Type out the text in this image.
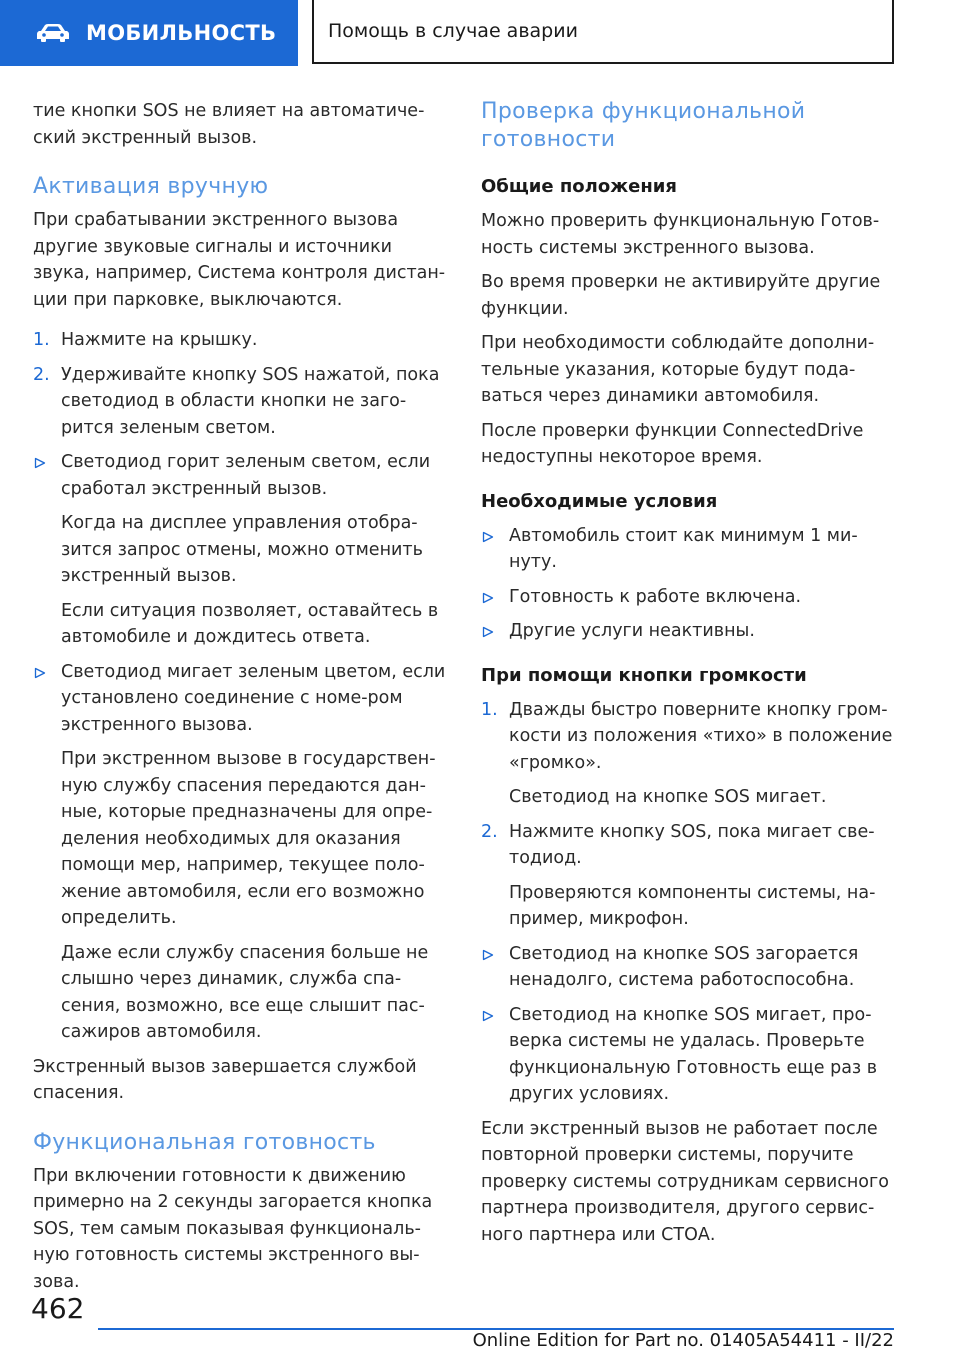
МОБИЛЬНОСТЬ	Помощь в случае аварии

тие кнопки SOS не влияет на автоматиче-ский экстренный вызов.

Активация вручную

При срабатывании экстренного вызова другие звуковые сигналы и источники звука, например, Система контроля дистан-ции при парковке, выключаются.

1. Нажмите на крышку.
2. Удерживайте кнопку SOS нажатой, пока светодиод в области кнопки не заго-рится зеленым светом.
Светодиод горит зеленым светом, если сработал экстренный вызов.

Когда на дисплее управления отобра-зится запрос отмены, можно отменить экстренный вызов.

Если ситуация позволяет, оставайтесь в автомобиле и дождитесь ответа.

Светодиод мигает зеленым цветом, если установлено соединение с номе-ром экстренного вызова.

При экстренном вызове в государствен-ную службу спасения передаются дан-ные, которые предназначены для опре-деления необходимых для оказания помощи мер, например, текущее поло-жение автомобиля, если его возможно определить.

Даже если службу спасения больше не слышно через динамик, служба спа-сения, возможно, все еще слышит пас-сажиров автомобиля.

Экстренный вызов завершается службой спасения.

Функциональная готовность

При включении готовности к движению примерно на 2 секунды загорается кнопка SOS, тем самым показывая функциональ-ную готовность системы экстренного вы-зова.

Проверка функциональной готовности
Общие положения

Можно проверить функциональную Готов-ность системы экстренного вызова.

Во время проверки не активируйте другие функции.

При необходимости соблюдайте дополни-тельные указания, которые будут пода-ваться через динамики автомобиля.

После проверки функции ConnectedDrive недоступны некоторое время.

Необходимые условия
Автомобиль стоит как минимум 1 ми-нуту.
Готовность к работе включена.
Другие услуги неактивны.
При помощи кнопки громкости
1. Дважды быстро поверните кнопку гром-кости из положения «тихо» в положение «громко».

Светодиод на кнопке SOS мигает.

2. Нажмите кнопку SOS, пока мигает све-тодиод.

Проверяются компоненты системы, на-пример, микрофон.

Светодиод на кнопке SOS загорается ненадолго, система работоспособна.
Светодиод на кнопке SOS мигает, про-верка системы не удалась. Проверьте функциональную Готовность еще раз в других условиях.

Если экстренный вызов не работает после повторной проверки системы, поручите проверку системы сотрудникам сервисного партнера производителя, другого сервис-ного партнера или СТОА.

462
Online Edition for Part no. 01405A54411 - II/22
